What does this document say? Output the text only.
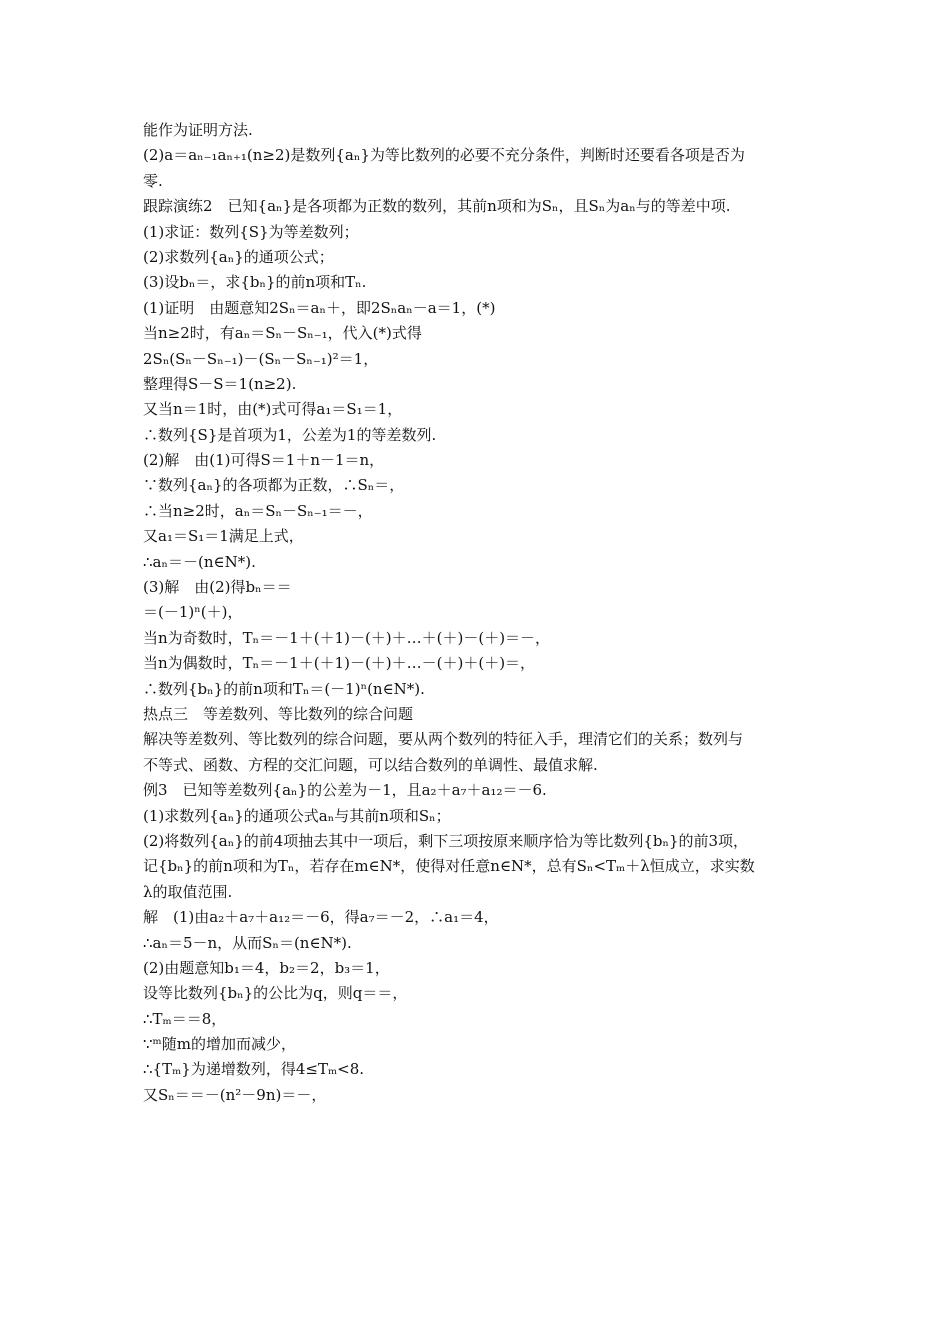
能作为证明方法.
(2)a＝aₙ₋₁aₙ₊₁(n≥2)是数列{aₙ}为等比数列的必要不充分条件，判断时还要看各项是否为
零.
跟踪演练2　已知{aₙ}是各项都为正数的数列，其前n项和为Sₙ，且Sₙ为aₙ与的等差中项.
(1)求证：数列{S}为等差数列；
(2)求数列{aₙ}的通项公式；
(3)设bₙ＝，求{bₙ}的前n项和Tₙ.
(1)证明　由题意知2Sₙ＝aₙ＋，即2Sₙaₙ－a＝1，(*)
当n≥2时，有aₙ＝Sₙ－Sₙ₋₁，代入(*)式得
2Sₙ(Sₙ－Sₙ₋₁)－(Sₙ－Sₙ₋₁)²＝1，
整理得S－S＝1(n≥2).
又当n＝1时，由(*)式可得a₁＝S₁＝1，
∴数列{S}是首项为1，公差为1的等差数列.
(2)解　由(1)可得S＝1＋n－1＝n，
∵数列{aₙ}的各项都为正数，∴Sₙ＝，
∴当n≥2时，aₙ＝Sₙ－Sₙ₋₁＝－，
又a₁＝S₁＝1满足上式，
∴aₙ＝－(n∈N*).
(3)解　由(2)得bₙ＝＝
＝(－1)ⁿ(＋)，
当n为奇数时，Tₙ＝－1＋(＋1)－(＋)＋…＋(＋)－(＋)＝－，
当n为偶数时，Tₙ＝－1＋(＋1)－(＋)＋…－(＋)＋(＋)＝，
∴数列{bₙ}的前n项和Tₙ＝(－1)ⁿ(n∈N*).
热点三　等差数列、等比数列的综合问题
解决等差数列、等比数列的综合问题，要从两个数列的特征入手，理清它们的关系；数列与
不等式、函数、方程的交汇问题，可以结合数列的单调性、最值求解.
例3　已知等差数列{aₙ}的公差为－1，且a₂＋a₇＋a₁₂＝－6.
(1)求数列{aₙ}的通项公式aₙ与其前n项和Sₙ；
(2)将数列{aₙ}的前4项抽去其中一项后，剩下三项按原来顺序恰为等比数列{bₙ}的前3项，
记{bₙ}的前n项和为Tₙ，若存在m∈N*，使得对任意n∈N*，总有Sₙ<Tₘ＋λ恒成立，求实数
λ的取值范围.
解　(1)由a₂＋a₇＋a₁₂＝－6，得a₇＝－2，∴a₁＝4，
∴aₙ＝5－n，从而Sₙ＝(n∈N*).
(2)由题意知b₁＝4，b₂＝2，b₃＝1，
设等比数列{bₙ}的公比为q，则q＝＝，
∴Tₘ＝＝8，
∵ᵐ随m的增加而减少，
∴{Tₘ}为递增数列，得4≤Tₘ<8.
又Sₙ＝＝－(n²－9n)＝－，
